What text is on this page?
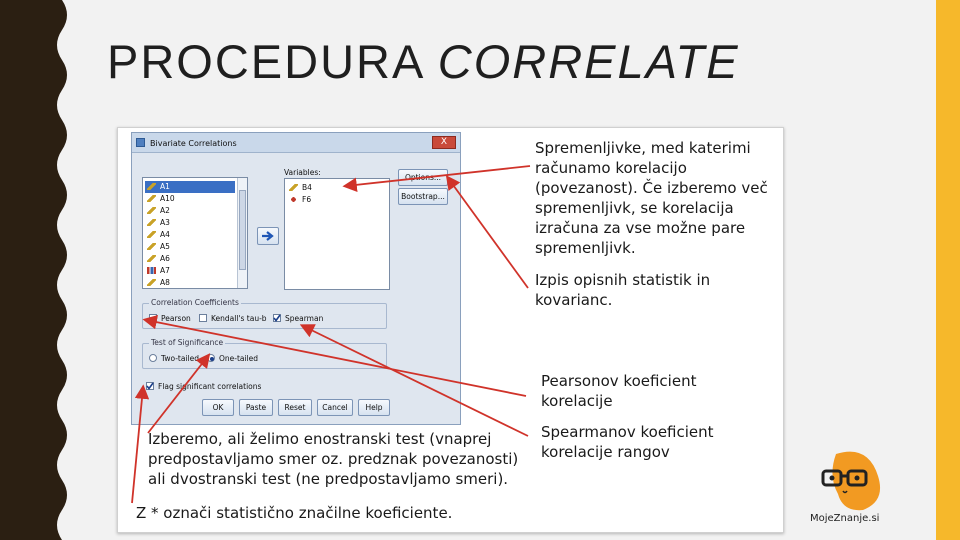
PROCEDURA CORRELATE
Bivariate Correlations	X
A1
A10
A2
A3
A4
A5
A6
A7
A8
Variables:
B4
F6
Options...
Bootstrap...
Correlation Coefficients
Pearson	Kendall's tau-b Spearman
Test of Significance
Two-tailed	One-tailed
Flag significant correlations
OK	Paste	Reset	Cancel	Help
Spremenljivke, med katerimi
računamo korelacijo
(povezanost). Če izberemo več
spremenljivk, se korelacija
izračuna za vse možne pare
spremenljivk.
Izpis opisnih statistik in
kovarianc.
Pearsonov koeficient
korelacije
Spearmanov koeficient
korelacije rangov
Izberemo, ali želimo enostranski test (vnaprej
predpostavljamo smer oz. predznak povezanosti)
ali dvostranski test (ne predpostavljamo smeri).
Z * označi statistično značilne koeficiente.	MojeZnanje.si
